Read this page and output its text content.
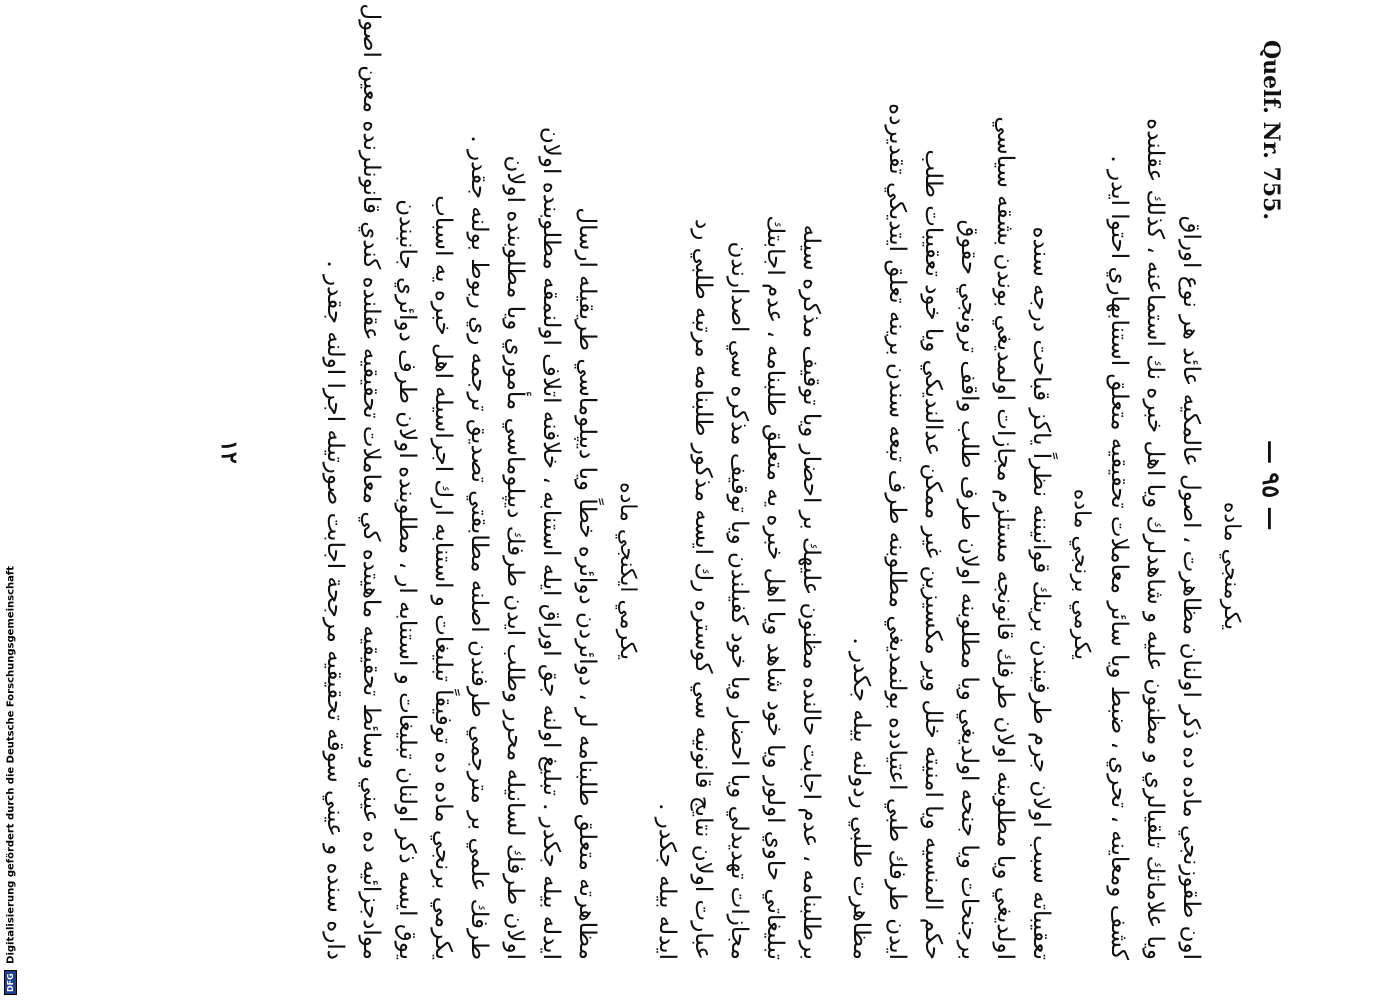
Quelf. Nr. 755.
— ٩٥ —
يكرمنجي ماده
اون طقوزنجي ماده ده ذكر اولنان مظاهرت ، اصول عالمكيه عائد هر نوع اوراق
ويا علاماتك تلقيالري و مظنون عليه و شاهدلرك ويا اهل خبره نك استماعنه ، كذلك عقلنده
كشف ومعاينه ، تحري ، ضبط ويا سائر معاملات تحقيقيه متعلق استنابهاري احتوا ايدر .
يكرمي برنجي ماده
تعقيباته سبب اولان جرم طرفيندن برينك قوانيننه نظراً ياكز قباحت درجه سنده
اولديغي ويا مطلوبنه اولان طرفك قانونجه مستلزم مجازات اولمديغي بوندن بشقه سياسي
برجنحات ويا جنحه اولديغي ويا مطلوبنه اولان طرف طلب واقف ترونجي حقوق
حكم المنسيه ويا امنيته خلل وير مكسيزين غير ممكن عدالنديكي ويا خود تعقيبات طلب
ايدن طرفك طبي اعتيادده بولنمديغي مطلوبنه طرف تبعه سندن برينه تعلق ايتديكي تقديرده
مظاهرت طلبي ردولنه بيله جكدر .
برطلبنامه ، عدم اجابت حالنده مظنون عليهك بر احضار ويا توقيف مذكره سيله
تبليغاتي حاوي اولور ويا خود شاهد ويا اهل خبره يه متعلق طلبنامه ، عدم اجابتك
مجازات تهديدلي ويا احضار ويا خود كفيلندن ويا توقيف مذكره سي اصدارندن
عبارت اولان نتايج قانونيه سي كوستره رك ايسه مذكور طلبنامه مرتبه طلبي رد
ايدله بيله جكدر .
يكرمي ايكنجي ماده
مظاهرته متعلق طلبنامه لر ، دوائردن دوائره خطاً ويا ديپلوماسي طريقيله ارسال
ايدله بيله جكدر . تبليغ اولنه جق اوراق ايله استنابه ، خلافنه اتلاف اولنمقه مطلوبنده اولان
اولان طرفك لسانيله محرر وطلب ايدن طرفك ديپلوماسي مأموري ويا مطلوبنده اولان
طرفك علمي بر مترجمي طرفندن اصلنه مطابقتي تصديق ترجمه ري ربوط بولنه جقدر .
يكرمي برنجي ماده ده توفيقاً تبليغات و استنابه ارك اجراسيله اهل خبره يه اسباب
يوق ايسه ذكر اولنان تبليغات و استنابه ار ، مطلوبنده اولان طرف دوائري جانبندن
موادجزائيه ده عيني وسائط تحقيقيه ماهيتده كي معاملات تحقيقيه عقلنده كندي قانونلرنده معين اصول
داره سنده و عيني سوقه تحقيقيه مرجحة اجابت صورتيله اجرا اولنه جقدر .
١٢
DFG Digitalisierung gefördert durch die Deutsche Forschungsgemeinschaft
